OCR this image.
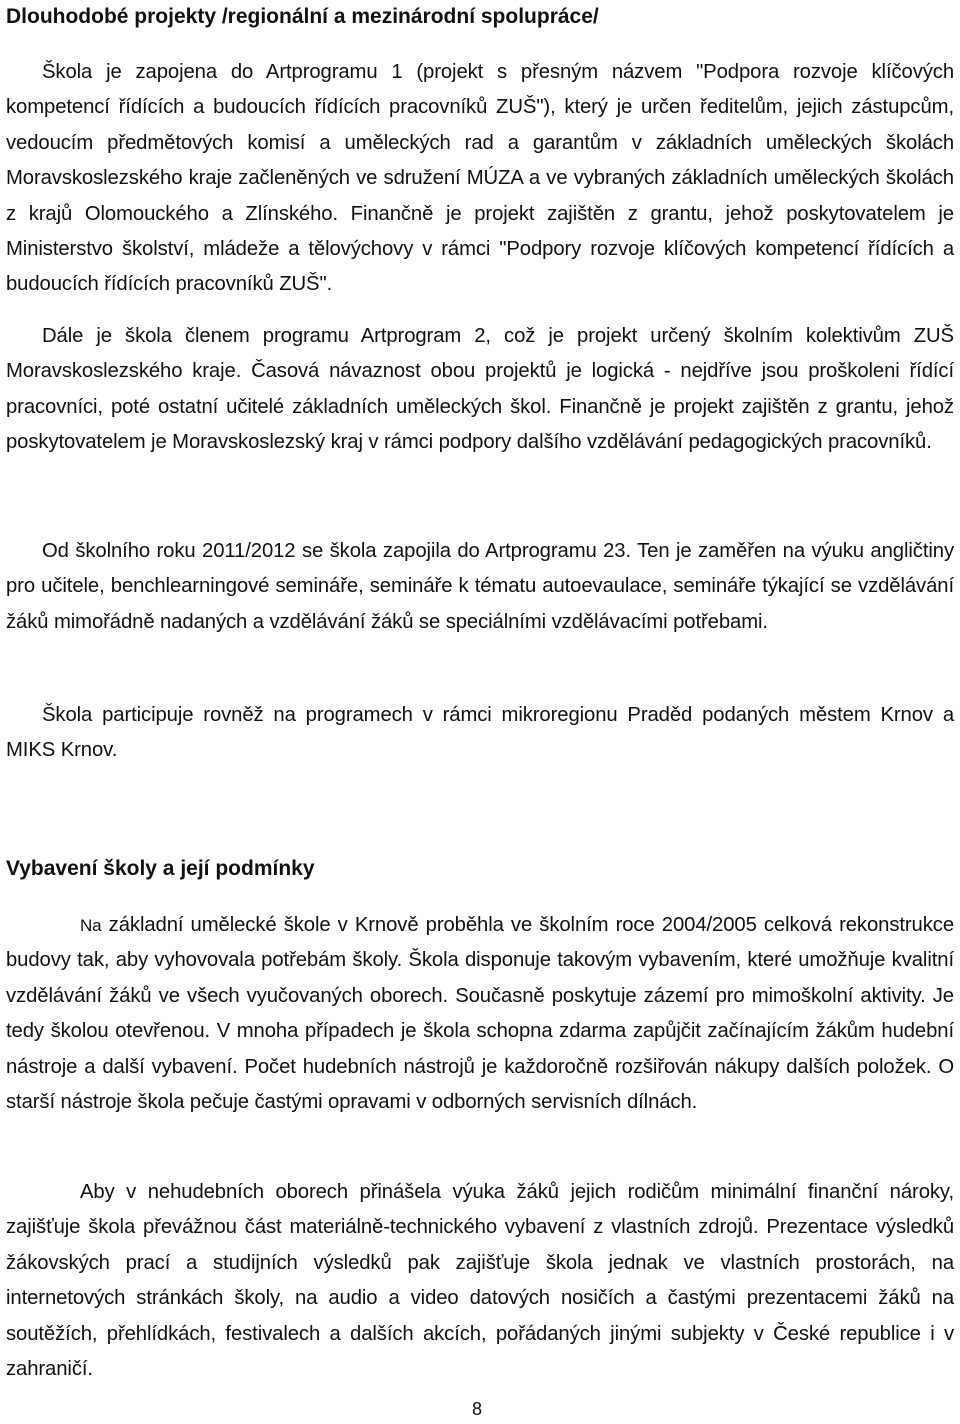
Dlouhodobé projekty /regionální a mezinárodní spolupráce/

Škola je zapojena do Artprogramu 1 (projekt s přesným názvem "Podpora rozvoje klíčových kompetencí řídících a budoucích řídících pracovníků ZUŠ"), který je určen ředitelům, jejich zástupcům, vedoucím předmětových komisí a uměleckých rad a garantům v základních uměleckých školách Moravskoslezského kraje začleněných ve sdružení MÚZA a ve vybraných základních uměleckých školách z krajů Olomouckého a Zlínského. Finančně je projekt zajištěn z grantu, jehož poskytovatelem je Ministerstvo školství, mládeže a tělovýchovy v rámci "Podpory rozvoje klíčových kompetencí řídících a budoucích řídících pracovníků ZUŠ".

Dále je škola členem programu Artprogram 2, což je projekt určený školním kolektivům ZUŠ Moravskoslezského kraje. Časová návaznost obou projektů je logická - nejdříve jsou proškoleni řídící pracovníci, poté ostatní učitelé základních uměleckých škol. Finančně je projekt zajištěn z grantu, jehož poskytovatelem je Moravskoslezský kraj v rámci podpory dalšího vzdělávání pedagogických pracovníků.

Od školního roku 2011/2012 se škola zapojila do Artprogramu 23. Ten je zaměřen na výuku angličtiny pro učitele, benchlearningové semináře, semináře k tématu autoevaulace, semináře týkající se vzdělávání žáků mimořádně nadaných a vzdělávání žáků se speciálními vzdělávacími potřebami.

Škola participuje rovněž na programech v rámci mikroregionu Praděd podaných městem Krnov a MIKS Krnov.

Vybavení školy a její podmínky

Na základní umělecké škole v Krnově proběhla ve školním roce 2004/2005 celková rekonstrukce budovy tak, aby vyhovovala potřebám školy. Škola disponuje takovým vybavením, které umožňuje kvalitní vzdělávání žáků ve všech vyučovaných oborech. Současně poskytuje zázemí pro mimoškolní aktivity. Je tedy školou otevřenou. V mnoha případech je škola schopna zdarma zapůjčit začínajícím žákům hudební nástroje a další vybavení. Počet hudebních nástrojů je každoročně rozšiřován nákupy dalších položek. O starší nástroje škola pečuje častými opravami v odborných servisních dílnách.

Aby v nehudebních oborech přinášela výuka žáků jejich rodičům minimální finanční nároky, zajišťuje škola převážnou část materiálně-technického vybavení z vlastních zdrojů. Prezentace výsledků žákovských prací a studijních výsledků pak zajišťuje škola jednak ve vlastních prostorách, na internetových stránkách školy, na audio a video datových nosičích a častými prezentacemi žáků na soutěžích, přehlídkách, festivalech a dalších akcích, pořádaných jinými subjekty v České republice i v zahraničí.

8
